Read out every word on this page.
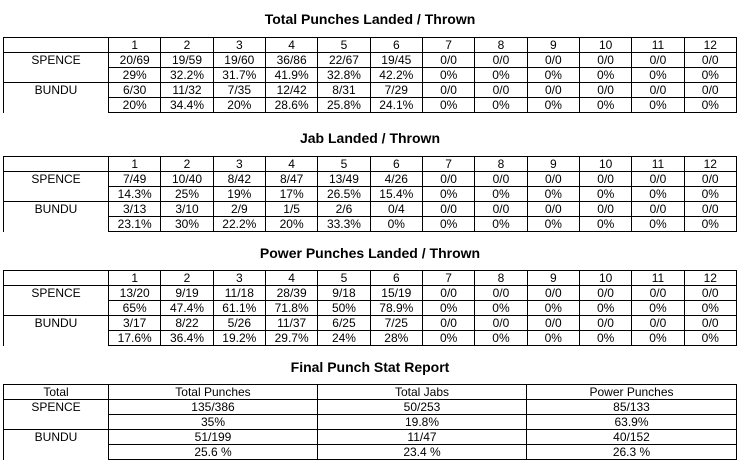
Total Punches Landed / Thrown
	1	2	3	4	5	6	7	8	9	10	11	12
SPENCE	20/69	19/59	19/60	36/86	22/67	19/45	0/0	0/0	0/0	0/0	0/0	0/0
	29%	32.2%	31.7%	41.9%	32.8%	42.2%	0%	0%	0%	0%	0%	0%
BUNDU	6/30	11/32	7/35	12/42	8/31	7/29	0/0	0/0	0/0	0/0	0/0	0/0
	20%	34.4%	20%	28.6%	25.8%	24.1%	0%	0%	0%	0%	0%	0%
Jab Landed / Thrown
	1	2	3	4	5	6	7	8	9	10	11	12
SPENCE	7/49	10/40	8/42	8/47	13/49	4/26	0/0	0/0	0/0	0/0	0/0	0/0
	14.3%	25%	19%	17%	26.5%	15.4%	0%	0%	0%	0%	0%	0%
BUNDU	3/13	3/10	2/9	1/5	2/6	0/4	0/0	0/0	0/0	0/0	0/0	0/0
	23.1%	30%	22.2%	20%	33.3%	0%	0%	0%	0%	0%	0%	0%
Power Punches Landed / Thrown
	1	2	3	4	5	6	7	8	9	10	11	12
SPENCE	13/20	9/19	11/18	28/39	9/18	15/19	0/0	0/0	0/0	0/0	0/0	0/0
	65%	47.4%	61.1%	71.8%	50%	78.9%	0%	0%	0%	0%	0%	0%
BUNDU	3/17	8/22	5/26	11/37	6/25	7/25	0/0	0/0	0/0	0/0	0/0	0/0
	17.6%	36.4%	19.2%	29.7%	24%	28%	0%	0%	0%	0%	0%	0%
Final Punch Stat Report
Total	Total Punches	Total Jabs	Power Punches
SPENCE	135/386	50/253	85/133
	35%	19.8%	63.9%
BUNDU	51/199	11/47	40/152
	25.6 %	23.4 %	26.3 %
